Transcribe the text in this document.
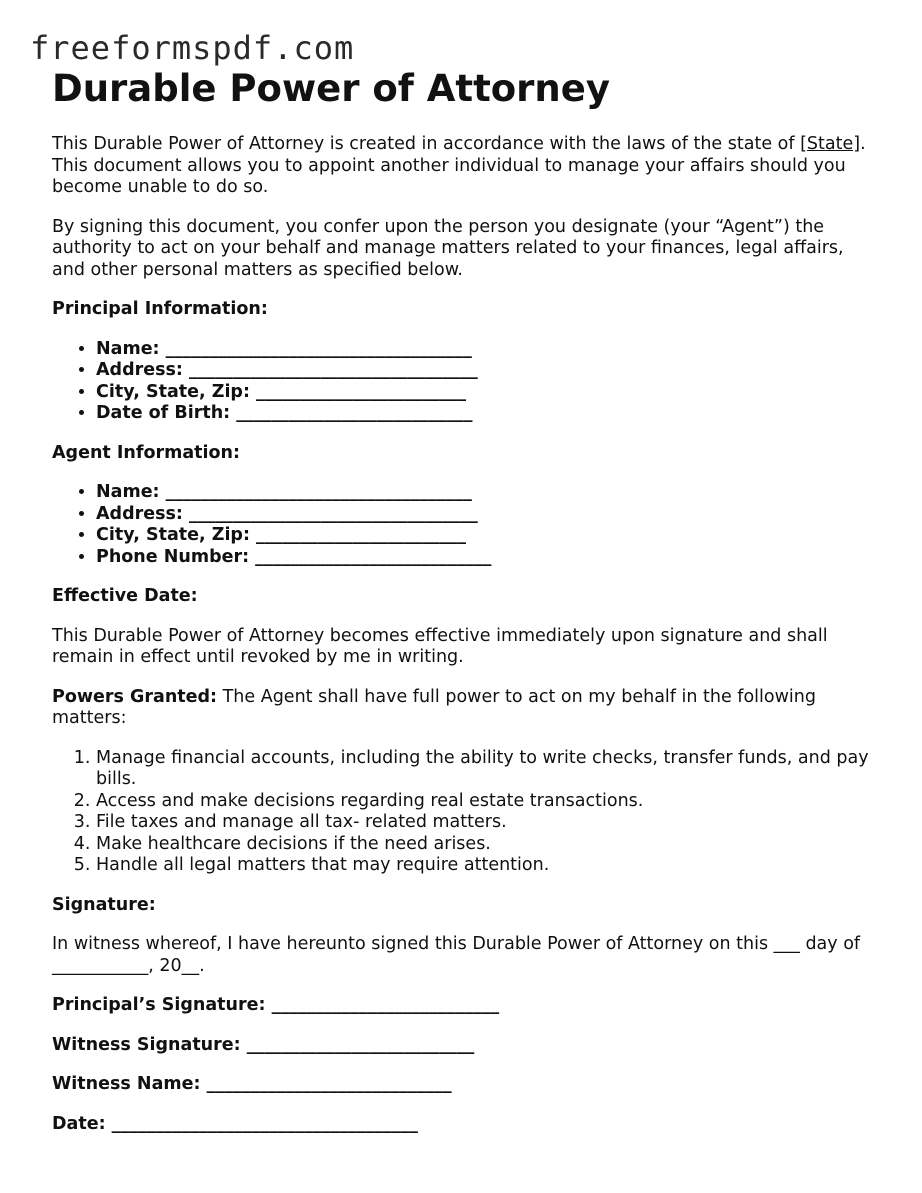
freeformspdf.com
Durable Power of Attorney

This Durable Power of Attorney is created in accordance with the laws of the state of [State]. This document allows you to appoint another individual to manage your affairs should you become unable to do so.

By signing this document, you confer upon the person you designate (your “Agent”) the authority to act on your behalf and manage matters related to your finances, legal affairs, and other personal matters as specified below.

Principal Information:
• Name: ___________________________________
• Address: _________________________________
• City, State, Zip: ________________________
• Date of Birth: ___________________________
Agent Information:
• Name: ___________________________________
• Address: _________________________________
• City, State, Zip: ________________________
• Phone Number: ___________________________
Effective Date:

This Durable Power of Attorney becomes effective immediately upon signature and shall remain in effect until revoked by me in writing.

Powers Granted: The Agent shall have full power to act on my behalf in the following matters:

1. Manage financial accounts, including the ability to write checks, transfer funds, and pay bills.
2. Access and make decisions regarding real estate transactions.
3. File taxes and manage all tax- related matters.
4. Make healthcare decisions if the need arises.
5. Handle all legal matters that may require attention.
Signature:

In witness whereof, I have hereunto signed this Durable Power of Attorney on this ___ day of ___________, 20__.

Principal’s Signature: __________________________
Witness Signature: __________________________
Witness Name: ____________________________
Date: ___________________________________
